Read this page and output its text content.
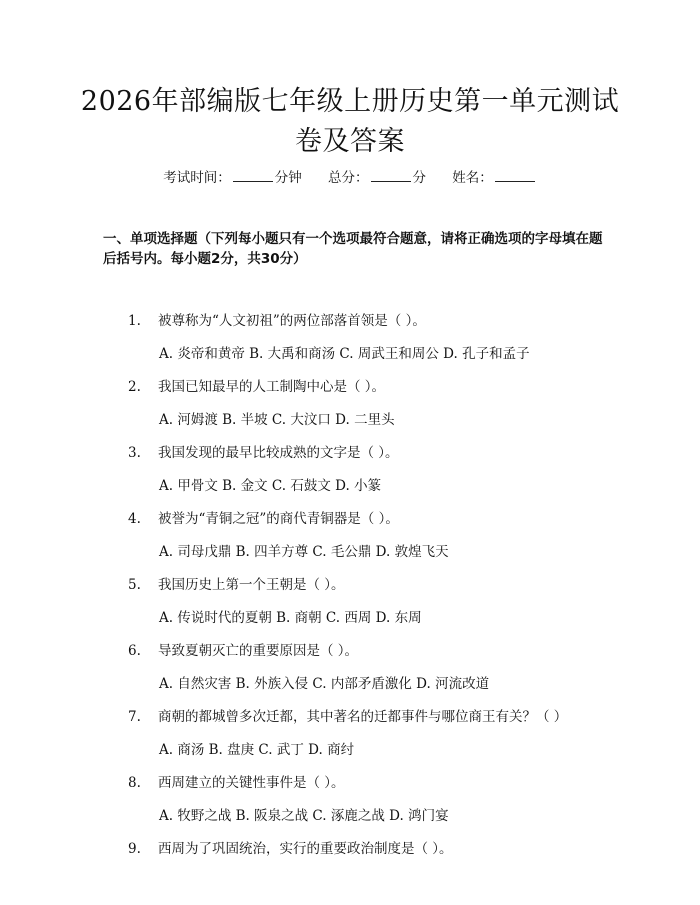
2026年部编版七年级上册历史第一单元测试卷及答案
考试时间：	分钟 总分：	分 姓名：
一、单项选择题（下列每小题只有一个选项最符合题意，请将正确选项的字母填在题后括号内。每小题2分，共30分）
1. 被尊称为“人文初祖”的两位部落首领是（ ）。
A. 炎帝和黄帝 B. 大禹和商汤 C. 周武王和周公 D. 孔子和孟子
2. 我国已知最早的人工制陶中心是（ ）。
A. 河姆渡 B. 半坡 C. 大汶口 D. 二里头
3. 我国发现的最早比较成熟的文字是（ ）。
A. 甲骨文 B. 金文 C. 石鼓文 D. 小篆
4. 被誉为“青铜之冠”的商代青铜器是（ ）。
A. 司母戊鼎 B. 四羊方尊 C. 毛公鼎 D. 敦煌飞天
5. 我国历史上第一个王朝是（ ）。
A. 传说时代的夏朝 B. 商朝 C. 西周 D. 东周
6. 导致夏朝灭亡的重要原因是（ ）。
A. 自然灾害 B. 外族入侵 C. 内部矛盾激化 D. 河流改道
7. 商朝的都城曾多次迁都，其中著名的迁都事件与哪位商王有关？（ ）
A. 商汤 B. 盘庚 C. 武丁 D. 商纣
8. 西周建立的关键性事件是（ ）。
A. 牧野之战 B. 阪泉之战 C. 涿鹿之战 D. 鸿门宴
9. 西周为了巩固统治，实行的重要政治制度是（ ）。
